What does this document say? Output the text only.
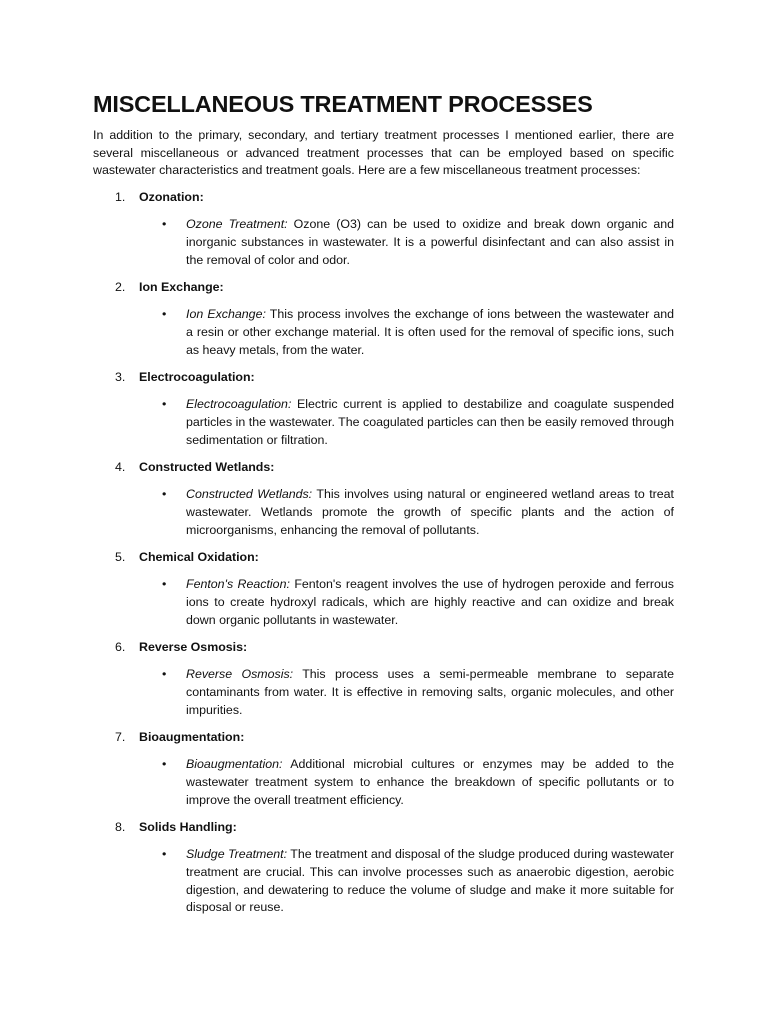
MISCELLANEOUS TREATMENT PROCESSES

In addition to the primary, secondary, and tertiary treatment processes I mentioned earlier, there are several miscellaneous or advanced treatment processes that can be employed based on specific wastewater characteristics and treatment goals. Here are a few miscellaneous treatment processes:

1. Ozonation:
• Ozone Treatment: Ozone (O3) can be used to oxidize and break down organic and inorganic substances in wastewater. It is a powerful disinfectant and can also assist in the removal of color and odor.

2. Ion Exchange:
• Ion Exchange: This process involves the exchange of ions between the wastewater and a resin or other exchange material. It is often used for the removal of specific ions, such as heavy metals, from the water.

3. Electrocoagulation:
• Electrocoagulation: Electric current is applied to destabilize and coagulate suspended particles in the wastewater. The coagulated particles can then be easily removed through sedimentation or filtration.

4. Constructed Wetlands:
• Constructed Wetlands: This involves using natural or engineered wetland areas to treat wastewater. Wetlands promote the growth of specific plants and the action of microorganisms, enhancing the removal of pollutants.

5. Chemical Oxidation:
• Fenton's Reaction: Fenton's reagent involves the use of hydrogen peroxide and ferrous ions to create hydroxyl radicals, which are highly reactive and can oxidize and break down organic pollutants in wastewater.

6. Reverse Osmosis:
• Reverse Osmosis: This process uses a semi-permeable membrane to separate contaminants from water. It is effective in removing salts, organic molecules, and other impurities.

7. Bioaugmentation:
• Bioaugmentation: Additional microbial cultures or enzymes may be added to the wastewater treatment system to enhance the breakdown of specific pollutants or to improve the overall treatment efficiency.

8. Solids Handling:
• Sludge Treatment: The treatment and disposal of the sludge produced during wastewater treatment are crucial. This can involve processes such as anaerobic digestion, aerobic digestion, and dewatering to reduce the volume of sludge and make it more suitable for disposal or reuse.
